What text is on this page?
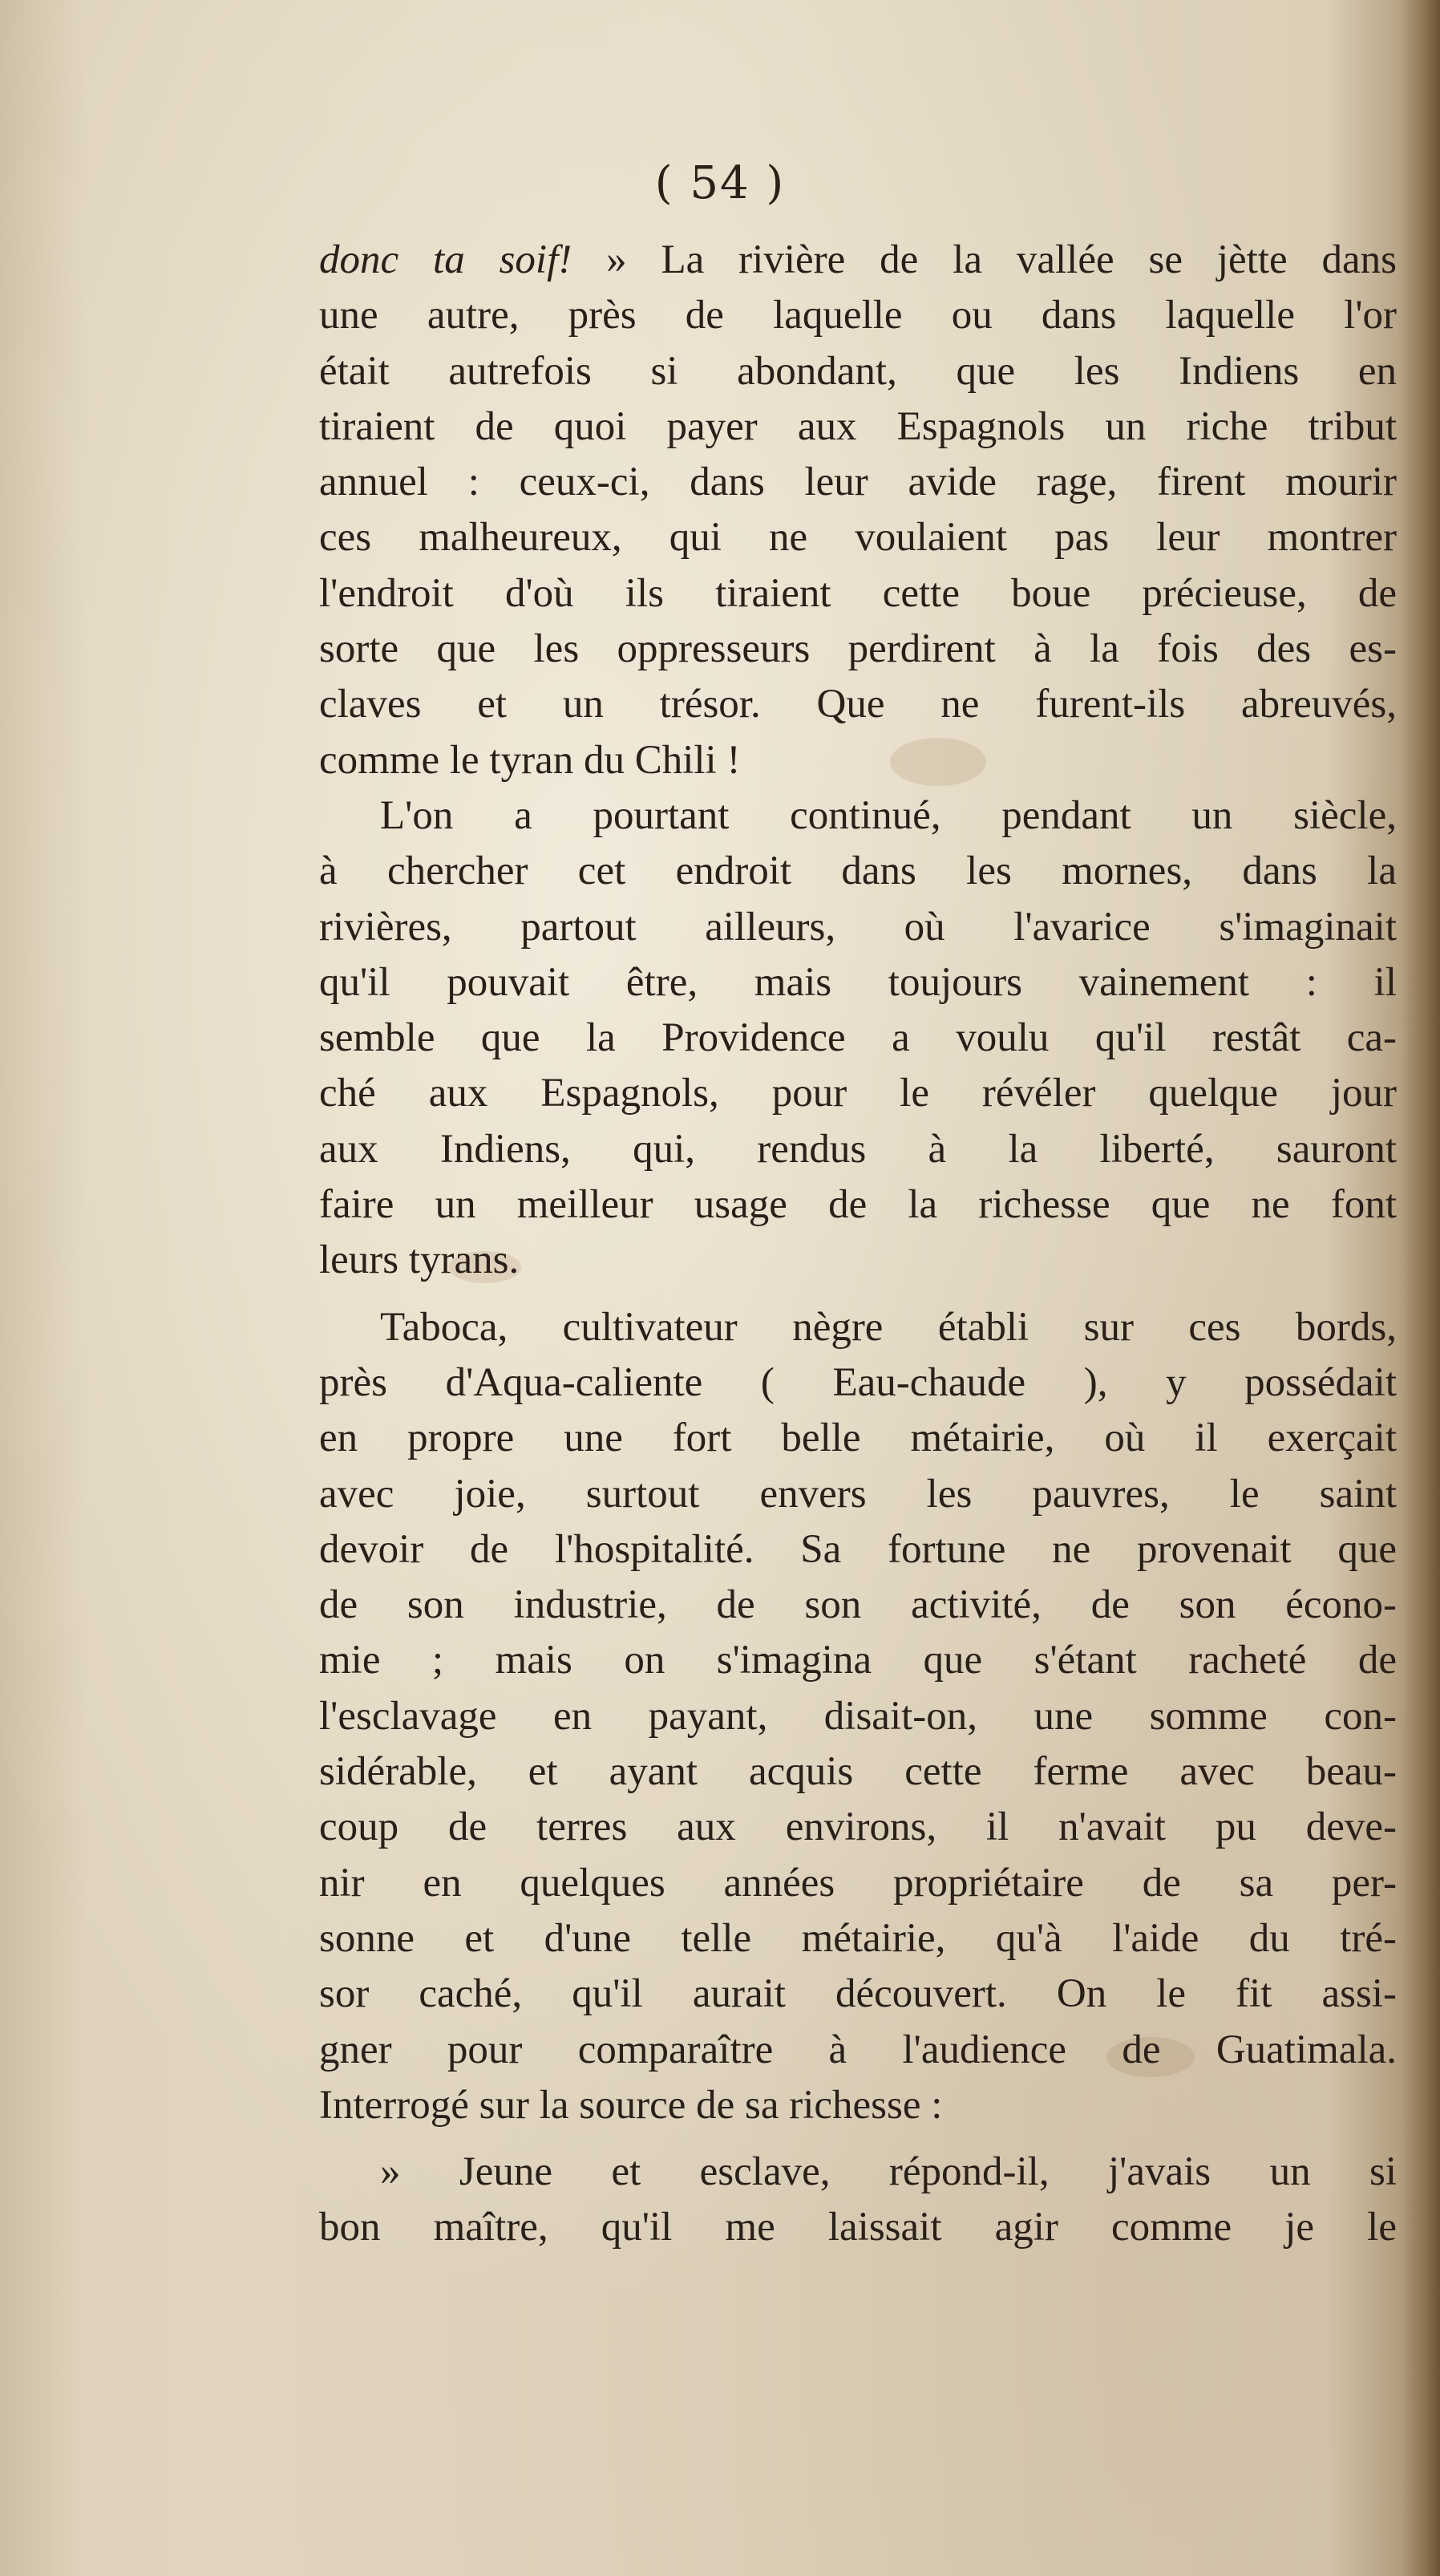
( 54 )
donc ta soif! » La rivière de la vallée se jètte dans
une autre, près de laquelle ou dans laquelle l'or
était autrefois si abondant, que les Indiens en
tiraient de quoi payer aux Espagnols un riche tribut
annuel : ceux-ci, dans leur avide rage, firent mourir
ces malheureux, qui ne voulaient pas leur montrer
l'endroit d'où ils tiraient cette boue précieuse, de
sorte que les oppresseurs perdirent à la fois des es-
claves et un trésor. Que ne furent-ils abreuvés,
comme le tyran du Chili !
L'on a pourtant continué, pendant un siècle,
à chercher cet endroit dans les mornes, dans la
rivières, partout ailleurs, où l'avarice s'imaginait
qu'il pouvait être, mais toujours vainement : il
semble que la Providence a voulu qu'il restât ca-
ché aux Espagnols, pour le révéler quelque jour
aux Indiens, qui, rendus à la liberté, sauront
faire un meilleur usage de la richesse que ne font
leurs tyrans.
Taboca, cultivateur nègre établi sur ces bords,
près d'Aqua-caliente ( Eau-chaude ), y possédait
en propre une fort belle métairie, où il exerçait
avec joie, surtout envers les pauvres, le saint
devoir de l'hospitalité. Sa fortune ne provenait que
de son industrie, de son activité, de son écono-
mie ; mais on s'imagina que s'étant racheté de
l'esclavage en payant, disait-on, une somme con-
sidérable, et ayant acquis cette ferme avec beau-
coup de terres aux environs, il n'avait pu deve-
nir en quelques années propriétaire de sa per-
sonne et d'une telle métairie, qu'à l'aide du tré-
sor caché, qu'il aurait découvert. On le fit assi-
gner pour comparaître à l'audience de Guatimala.
Interrogé sur la source de sa richesse :
» Jeune et esclave, répond-il, j'avais un si
bon maître, qu'il me laissait agir comme je le
